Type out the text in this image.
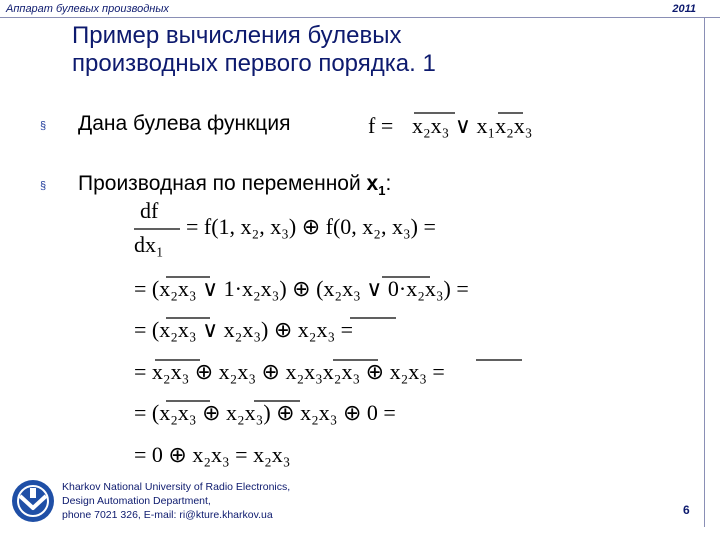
Аппарат булевых производных	2011
Пример вычисления булевых
производных первого порядка. 1
§ Дана булева функция
§ Производная по переменной $x_1$:
f = x₂x₃ ∨ x₁x₂x₃
df
dx₁
= f(1, x₂, x₃) ⊕ f(0, x₂, x₃) =
= (x₂x₃ ∨ 1·x₂x₃) ⊕ (x₂x₃ ∨ 0·x₂x₃) =
= (x₂x₃ ∨ x₂x₃) ⊕ x₂x₃ =
= x₂x₃ ⊕ x₂x₃ ⊕ x₂x₃x₂x₃ ⊕ x₂x₃ =
= (x₂x₃ ⊕ x₂x₃) ⊕ x₂x₃ ⊕ 0 =
= 0 ⊕ x₂x₃ = x₂x₃
Kharkov National University of Radio Electronics,
Design Automation Department,
phone 7021 326, E-mail: ri@kture.kharkov.ua	6
